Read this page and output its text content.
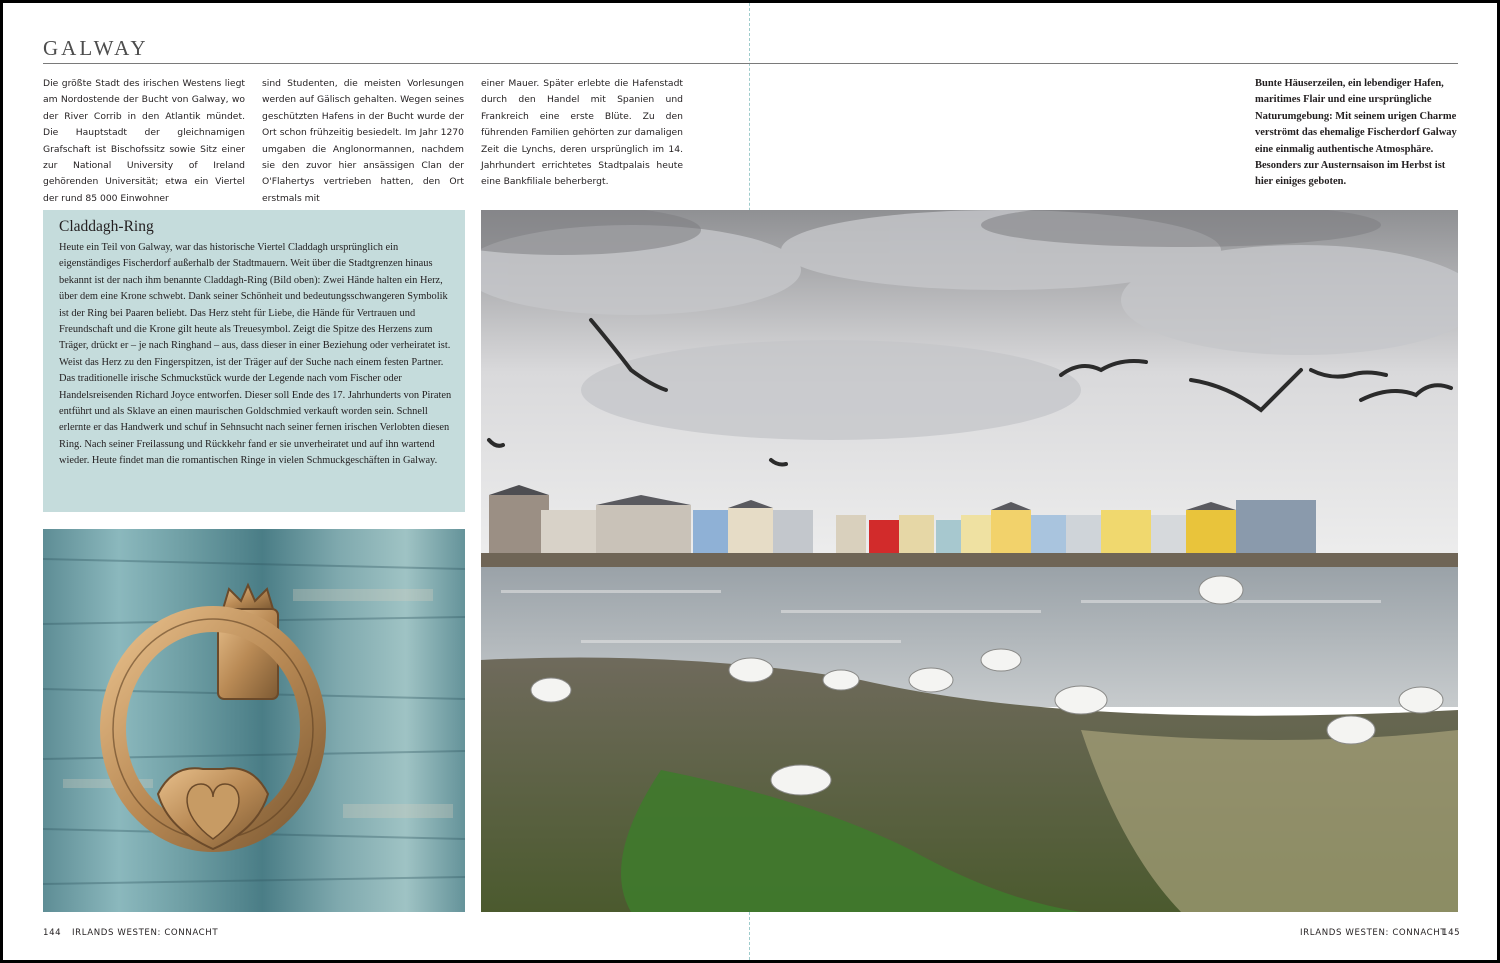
GALWAY

Die größte Stadt des irischen Westens liegt am Nordostende der Bucht von Galway, wo der River Corrib in den Atlantik mündet. Die Hauptstadt der gleichnamigen Grafschaft ist Bischofssitz sowie Sitz einer zur National University of Ireland gehörenden Universität; etwa ein Viertel der rund 85 000 Einwohner

sind Studenten, die meisten Vorlesungen werden auf Gälisch gehalten. Wegen seines geschützten Hafens in der Bucht wurde der Ort schon frühzeitig besiedelt. Im Jahr 1270 umgaben die Anglonormannen, nachdem sie den zuvor hier ansässigen Clan der O'Flahertys vertrieben hatten, den Ort erstmals mit

einer Mauer. Später erlebte die Hafenstadt durch den Handel mit Spanien und Frankreich eine erste Blüte. Zu den führenden Familien gehörten zur damaligen Zeit die Lynchs, deren ursprünglich im 14. Jahrhundert errichtetes Stadtpalais heute eine Bankfiliale beherbergt.

Bunte Häuserzeilen, ein lebendiger Hafen, maritimes Flair und eine ursprüngliche Naturumgebung: Mit seinem urigen Charme verströmt das ehemalige Fischerdorf Galway eine einmalig authentische Atmosphäre. Besonders zur Austernsaison im Herbst ist hier einiges geboten.

Claddagh-Ring

Heute ein Teil von Galway, war das historische Viertel Claddagh ursprünglich ein eigenständiges Fischerdorf außerhalb der Stadtmauern. Weit über die Stadtgrenzen hinaus bekannt ist der nach ihm benannte Claddagh-Ring (Bild oben): Zwei Hände halten ein Herz, über dem eine Krone schwebt. Dank seiner Schönheit und bedeutungsschwangeren Symbolik ist der Ring bei Paaren beliebt. Das Herz steht für Liebe, die Hände für Vertrauen und Freundschaft und die Krone gilt heute als Treuesymbol. Zeigt die Spitze des Herzens zum Träger, drückt er – je nach Ringhand – aus, dass dieser in einer Beziehung oder verheiratet ist. Weist das Herz zu den Fingerspitzen, ist der Träger auf der Suche nach einem festen Partner. Das traditionelle irische Schmuckstück wurde der Legende nach vom Fischer oder Handelsreisenden Richard Joyce entworfen. Dieser soll Ende des 17. Jahrhunderts von Piraten entführt und als Sklave an einen maurischen Goldschmied verkauft worden sein. Schnell erlernte er das Handwerk und schuf in Sehnsucht nach seiner fernen irischen Verlobten diesen Ring. Nach seiner Freilassung und Rückkehr fand er sie unverheiratet und auf ihn wartend wieder. Heute findet man die romantischen Ringe in vielen Schmuckgeschäften in Galway.

144 IRLANDS WESTEN: CONNACHT	IRLANDS WESTEN: CONNACHT
145
